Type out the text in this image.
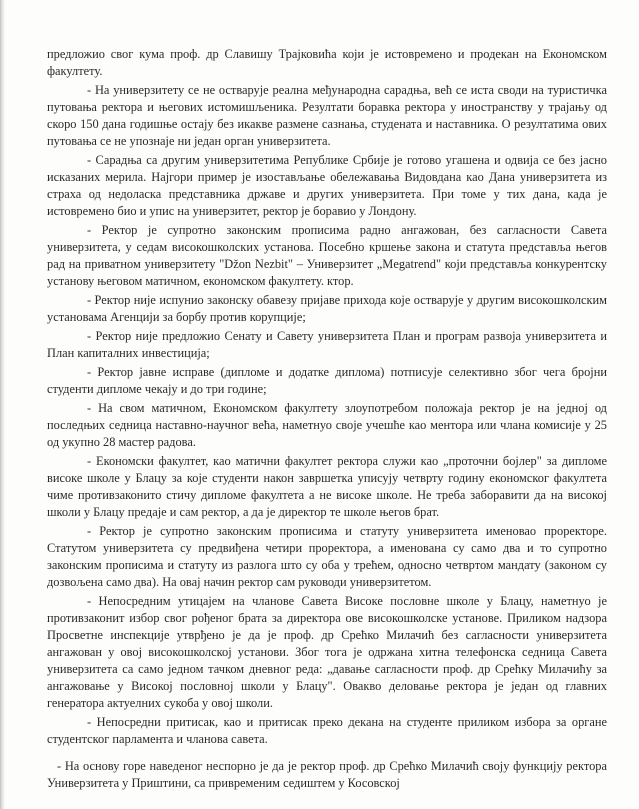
предложио свог кума проф. др Славишу Трајковића који је истовремено и продекан на Економском факултету.

- На универзитету се не остварује реална међународна сарадња, већ се иста своди на туристичка путовања ректора и његових истомишљеника. Резултати боравка ректора у иностранству у трајању од скоро 150 дана годишње остају без икакве размене сазнања, студената и наставника. О резултатима ових путовања се не упознаје ни један орган универзитета.

- Сарадња са другим универзитетима Републике Србије је готово угашена и одвија се без јасно исказаних мерила. Најгори пример је изостављање обележавања Видовдана као Дана универзитета из страха од недоласка представника државе и других универзитета. При томе у тих дана, када је истовремено био и упис на универзитет, ректор је боравио у Лондону.

- Ректор је супротно законским прописима радно ангажован, без сагласности Савета универзитета, у седам високошколских установа. Посебно кршење закона и статута представља његов рад на приватном универзитету "Džon Nezbit" – Универзитет „Megatrend" који представља конкурентску установу његовом матичном, економском факултету. ктор.

- Ректор није испунио законску обавезу пријаве прихода које остварује у другим високошколским установама Агенцији за борбу против корупције;

- Ректор није предложио Сенату и Савету универзитета План и програм развоја универзитета и План капиталних инвестиција;

- Ректор јавне исправе (дипломе и додатке диплома) потписује селективно због чега бројни студенти дипломе чекају и до три године;

- На свом матичном, Економском факултету злоупотребом положаја ректор је на једној од последњих седница наставно-научног већа, наметнуо своје учешће као ментора или члана комисије у 25 од укупно 28 мастер радова.

- Економски факултет, као матични факултет ректора служи као „проточни бојлер" за дипломе високе школе у Блацу за које студенти након завршетка уписују четврту годину економског факултета чиме противзаконито стичу дипломе факултета а не високе школе. Не треба заборавити да на високој школи у Блацу предаје и сам ректор, а да је директор те школе његов брат.

- Ректор је супротно законским прописима и статуту универзитета именовао проректоре. Статутом универзитета су предвиђена четири проректора, а именована су само два и то супротно законским прописима и статуту из разлога што су оба у трећем, односно четвртом мандату (законом су дозвољена само два). На овај начин ректор сам руководи универзитетом.

- Непосредним утицајем на чланове Савета Високе пословне школе у Блацу, наметнуо је противзаконит избор свог рођеног брата за директора ове високошколске установе. Приликом надзора Просветне инспекције утврђено је да је проф. др Срећко Милачић без сагласности универзитета ангажован у овој високошколској установи. Због тога је одржана хитна телефонска седница Савета универзитета са само једном тачком дневног реда: „давање сагласности проф. др Срећку Милачићу за ангажовање у Високој пословној школи у Блацу". Овакво деловање ректора је један од главних генератора актуелних сукоба у овој школи.

- Непосредни притисак, као и притисак преко декана на студенте приликом избора за органе студентског парламента и чланова савета.

- На основу горе наведеног неспорно је да је ректор проф. др Срећко Милачић своју функцију ректора Универзитета у Приштини, са привременим седиштем у Косовској
